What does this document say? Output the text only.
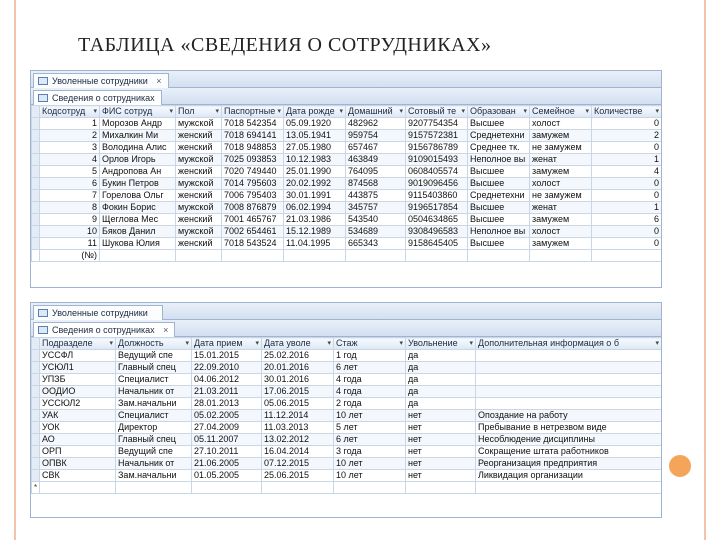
ТАБЛИЦА «СВЕДЕНИЯ О СОТРУДНИКАХ»
Уволенные сотрудники ×
Сведения о сотрудниках
	Кодсотруд ▾	ФИС сотруд ▾	Пол ▾	Паспортные ▾	Дата рожде ▾	Домашний ▾	Сотовый те ▾	Образован ▾	Семейное ▾	Количестве ▾

	1	Морозов Андр	мужской	7018 542354	05.09.1920	482962	9207754354	Высшее	холост	0
	2	Михалкин Ми	женский	7018 694141	13.05.1941	959754	9157572381	Среднетехни	замужем	2
	3	Володина Алис	женский	7018 948853	27.05.1980	657467	9156786789	Среднее тк.	не замужем	0
	4	Орлов Игорь	мужской	7025 093853	10.12.1983	463849	9109015493	Неполное вы	женат	1
	5	Андропова Ан	женский	7020 749440	25.01.1990	764095	0608405574	Высшее	замужем	4
	6	Букин Петров	мужской	7014 795603	20.02.1992	874568	9019096456	Высшее	холост	0
	7	Горелова Ольг	женский	7006 795403	30.01.1991	443875	9115403860	Среднетехни	не замужем	0
	8	Фокин Борис	мужской	7008 876879	06.02.1994	345757	9196517854	Высшее	женат	1
	9	Щеглова Мес	женский	7001 465767	21.03.1986	543540	0504634865	Высшее	замужем	6
	10	Бяков Данил	мужской	7002 654461	15.12.1989	534689	9308496583	Неполное вы	холост	0
	11	Шукова Юлия	женский	7018 543524	11.04.1995	665343	9158645405	Высшее	замужем	0
	(№)									
Уволенные сотрудники
Сведения о сотрудниках ×
	Подразделе ▾	Должность ▾	Дата прием ▾	Дата уволе ▾	Стаж ▾	Увольнение ▾	Дополнительная информация о б ▾

	УССФЛ	Ведущий спе	15.01.2015	25.02.2016	1 год	да	
	УСЮЛ1	Главный спец	22.09.2010	20.01.2016	6 лет	да	
	УПЗБ	Специалист	04.06.2012	30.01.2016	4 года	да	
	ООДИО	Начальник от	21.03.2011	17.06.2015	4 года	да	
	УССЮЛ2	Зам.начальни	28.01.2013	05.06.2015	2 года	да	
	УАК	Специалист	05.02.2005	11.12.2014	10 лет	нет	Опоздание на работу
	УОК	Директор	27.04.2009	11.03.2013	5 лет	нет	Пребывание в нетрезвом виде
	АО	Главный спец	05.11.2007	13.02.2012	6 лет	нет	Несоблюдение дисциплины
	ОРП	Ведущий спе	27.10.2011	16.04.2014	3 года	нет	Сокращение штата работников
	ОПВК	Начальник от	21.06.2005	07.12.2015	10 лет	нет	Реорганизация предприятия
	СВК	Зам.начальни	01.05.2005	25.06.2015	10 лет	нет	Ликвидация организации
*							
